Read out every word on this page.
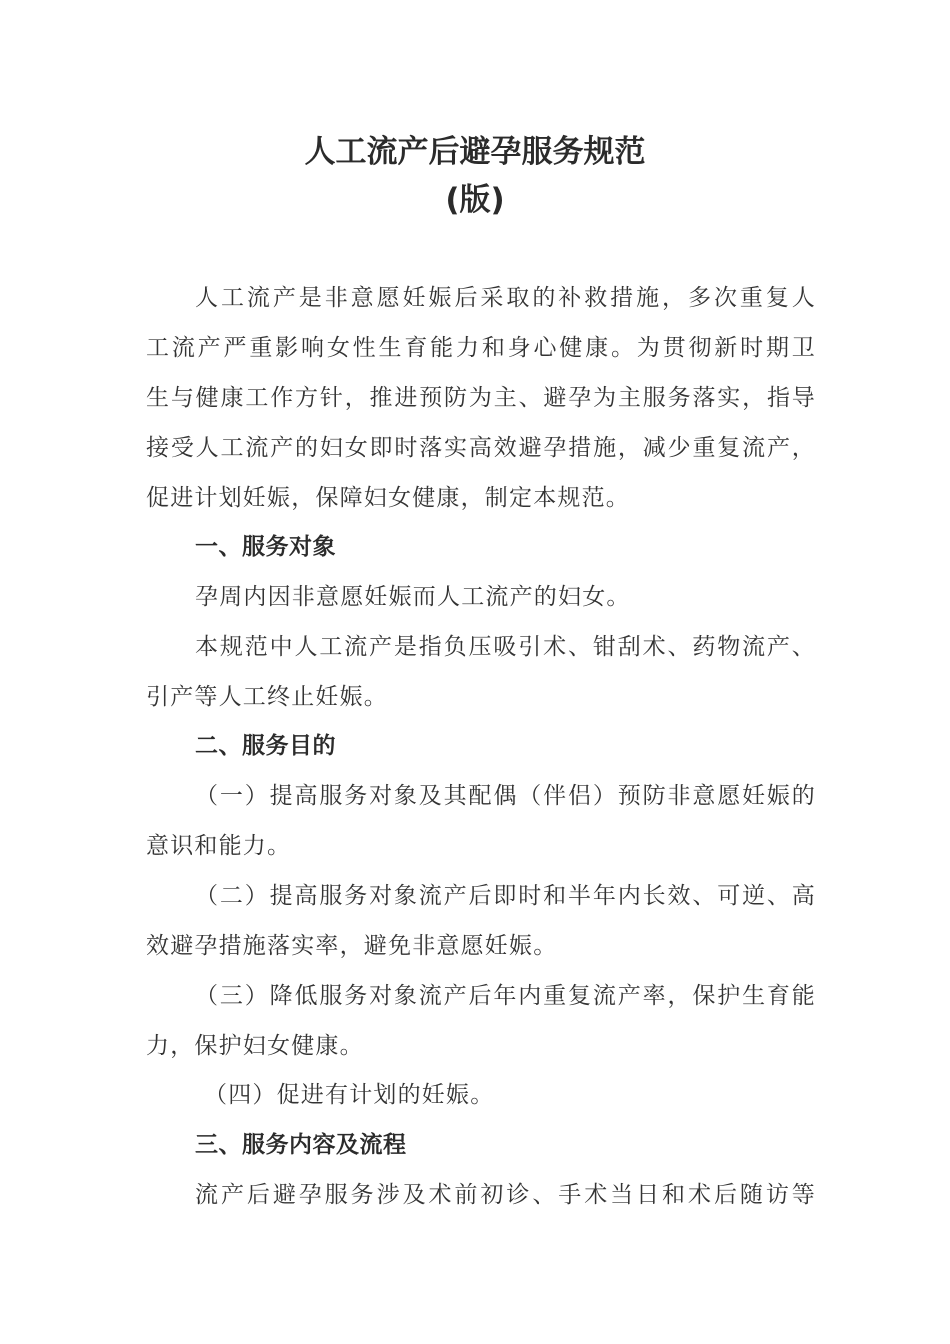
人工流产后避孕服务规范
(版)
人工流产是非意愿妊娠后采取的补救措施，多次重复人
工流产严重影响女性生育能力和身心健康。为贯彻新时期卫
生与健康工作方针，推进预防为主、避孕为主服务落实，指导
接受人工流产的妇女即时落实高效避孕措施，减少重复流产，
促进计划妊娠，保障妇女健康，制定本规范。
一、服务对象
孕周内因非意愿妊娠而人工流产的妇女。
本规范中人工流产是指负压吸引术、钳刮术、药物流产、
引产等人工终止妊娠。
二、服务目的
（一）提高服务对象及其配偶（伴侣）预防非意愿妊娠的
意识和能力。
（二）提高服务对象流产后即时和半年内长效、可逆、高
效避孕措施落实率，避免非意愿妊娠。
（三）降低服务对象流产后年内重复流产率，保护生育能
力，保护妇女健康。
（四）促进有计划的妊娠。
三、服务内容及流程
流产后避孕服务涉及术前初诊、手术当日和术后随访等
